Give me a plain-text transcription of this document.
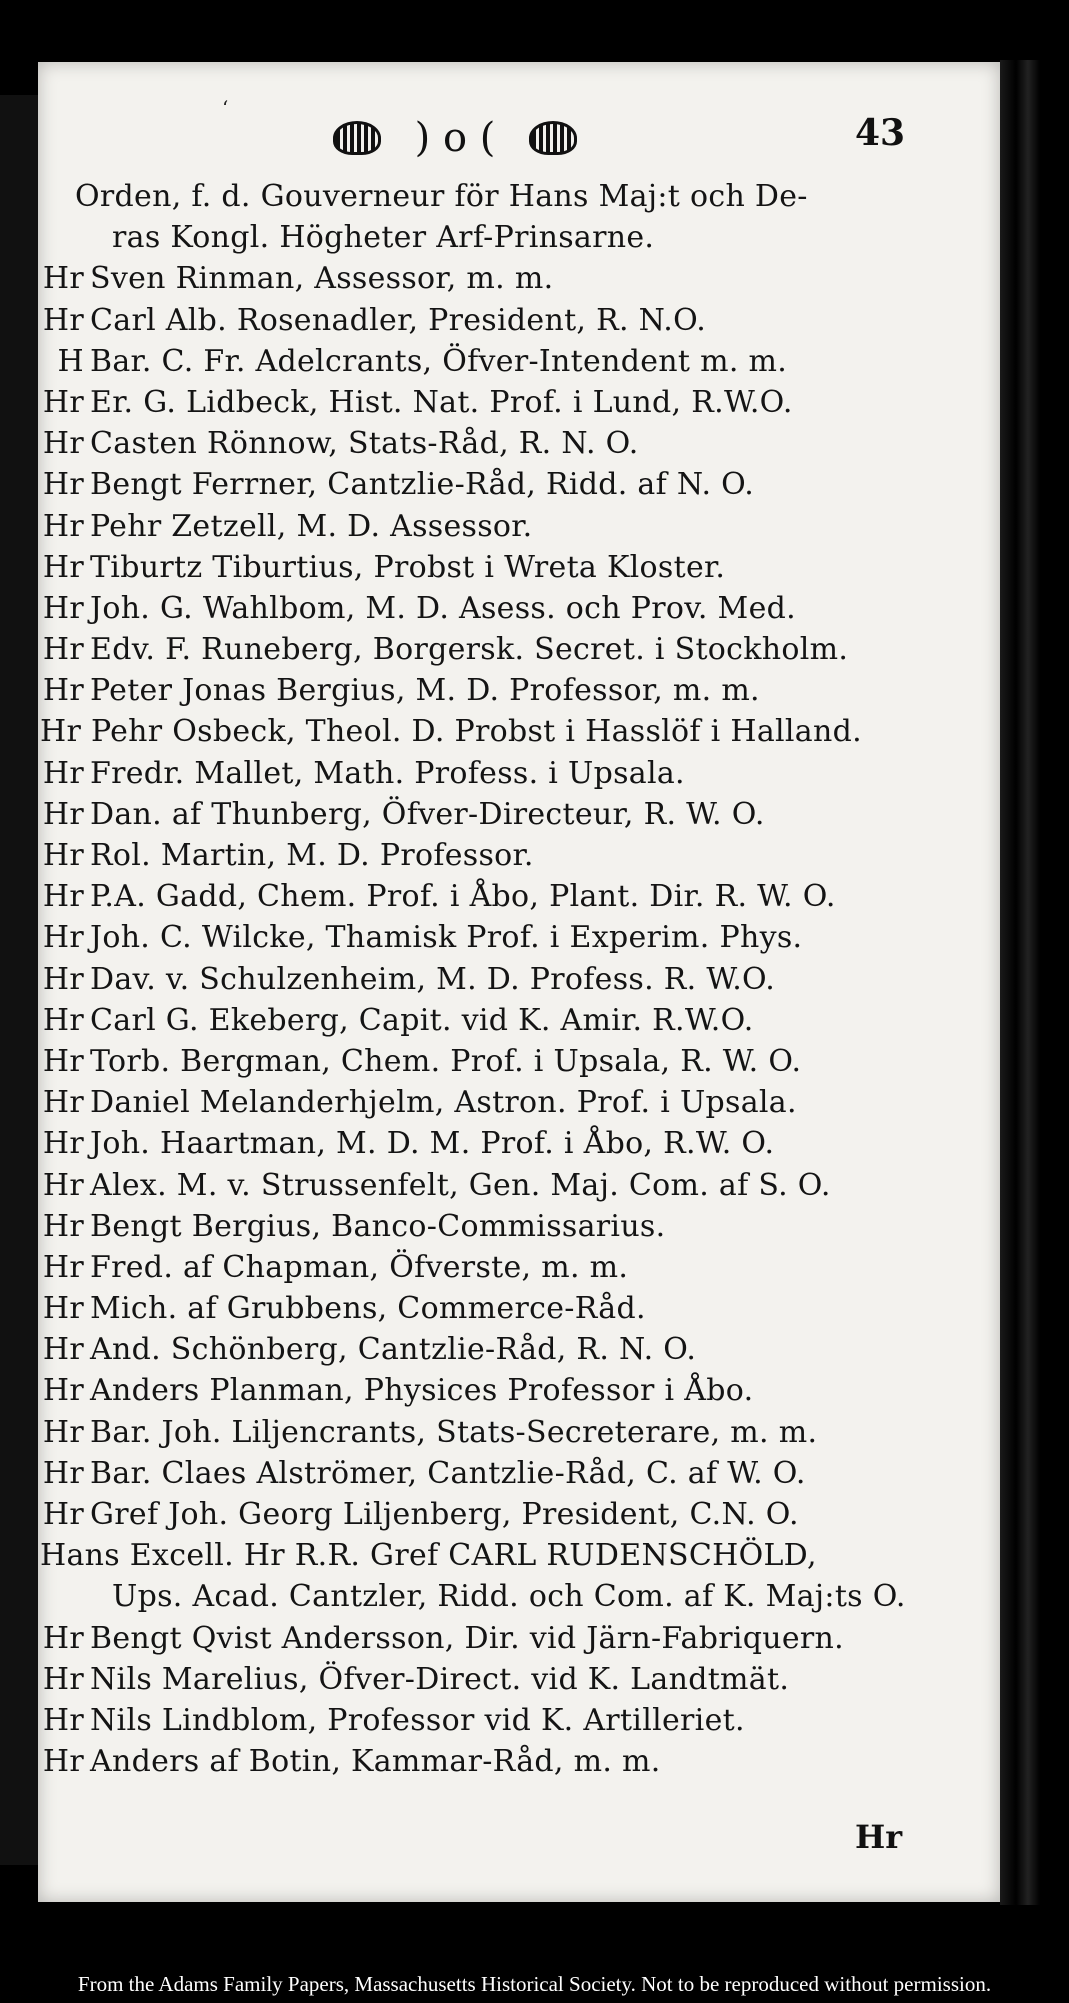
ʻ
) o (	43
Orden, f. d. Gouverneur för Hans Maj:t och De-
ras Kongl. Högheter Arf-Prinsarne.
Hr Sven Rinman, Assessor, m. m.
Hr Carl Alb. Rosenadler, President, R. N.O.
H Bar. C. Fr. Adelcrants, Öfver-Intendent m. m.
Hr Er. G. Lidbeck, Hist. Nat. Prof. i Lund, R.W.O.
Hr Casten Rönnow, Stats-Råd, R. N. O.
Hr Bengt Ferrner, Cantzlie-Råd, Ridd. af N. O.
Hr Pehr Zetzell, M. D. Assessor.
Hr Tiburtz Tiburtius, Probst i Wreta Kloster.
Hr Joh. G. Wahlbom, M. D. Asess. och Prov. Med.
Hr Edv. F. Runeberg, Borgersk. Secret. i Stockholm.
Hr Peter Jonas Bergius, M. D. Professor, m. m.
Hr Pehr Osbeck, Theol. D. Probst i Hasslöf i Halland.
Hr Fredr. Mallet, Math. Profess. i Upsala.
Hr Dan. af Thunberg, Öfver-Directeur, R. W. O.
Hr Rol. Martin, M. D. Professor.
Hr P.A. Gadd, Chem. Prof. i Åbo, Plant. Dir. R. W. O.
Hr Joh. C. Wilcke, Thamisk Prof. i Experim. Phys.
Hr Dav. v. Schulzenheim, M. D. Profess. R. W.O.
Hr Carl G. Ekeberg, Capit. vid K. Amir. R.W.O.
Hr Torb. Bergman, Chem. Prof. i Upsala, R. W. O.
Hr Daniel Melanderhjelm, Astron. Prof. i Upsala.
Hr Joh. Haartman, M. D. M. Prof. i Åbo, R.W. O.
Hr Alex. M. v. Strussenfelt, Gen. Maj. Com. af S. O.
Hr Bengt Bergius, Banco-Commissarius.
Hr Fred. af Chapman, Öfverste, m. m.
Hr Mich. af Grubbens, Commerce-Råd.
Hr And. Schönberg, Cantzlie-Råd, R. N. O.
Hr Anders Planman, Physices Professor i Åbo.
Hr Bar. Joh. Liljencrants, Stats-Secreterare, m. m.
Hr Bar. Claes Alströmer, Cantzlie-Råd, C. af W. O.
Hr Gref Joh. Georg Liljenberg, President, C.N. O.
Hans Excell. Hr R.R. Gref CARL RUDENSCHÖLD,
Ups. Acad. Cantzler, Ridd. och Com. af K. Maj:ts O.
Hr Bengt Qvist Andersson, Dir. vid Järn-Fabriquern.
Hr Nils Marelius, Öfver-Direct. vid K. Landtmät.
Hr Nils Lindblom, Professor vid K. Artilleriet.
Hr Anders af Botin, Kammar-Råd, m. m.
Hr
From the Adams Family Papers, Massachusetts Historical Society. Not to be reproduced without permission.
